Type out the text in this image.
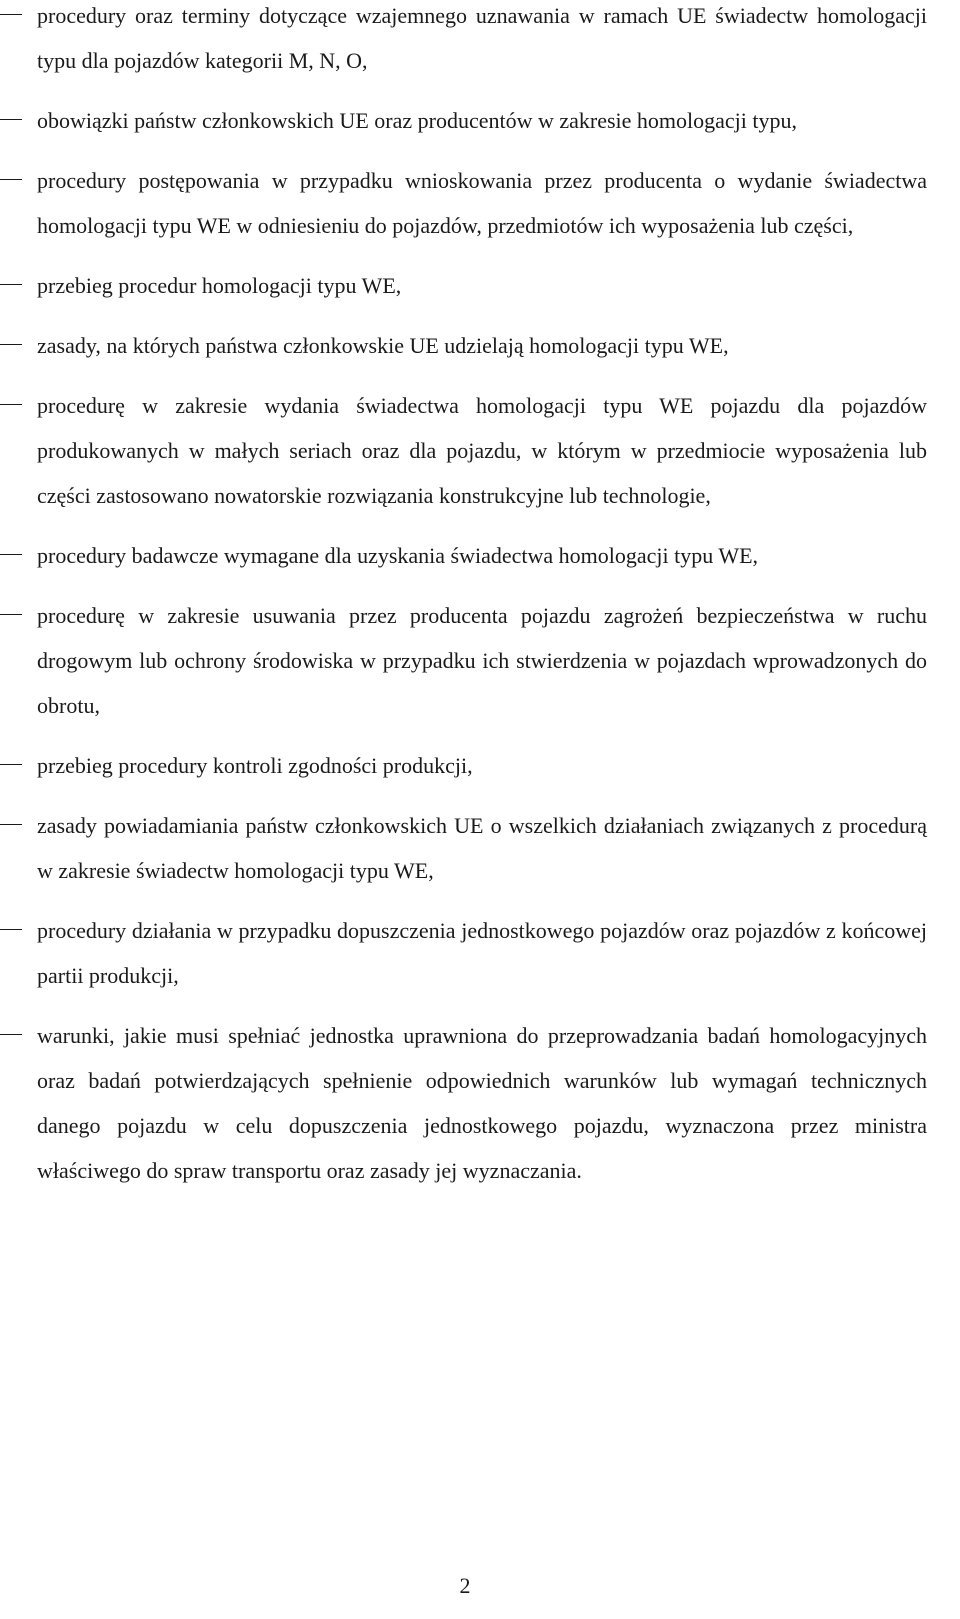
procedury oraz terminy dotyczące wzajemnego uznawania w ramach UE świadectw homologacji typu dla pojazdów kategorii M, N, O,
obowiązki państw członkowskich UE oraz producentów w zakresie homologacji typu,
procedury postępowania w przypadku wnioskowania przez producenta o wydanie świadectwa homologacji typu WE w odniesieniu do pojazdów, przedmiotów ich wyposażenia lub części,
przebieg procedur homologacji typu WE,
zasady, na których państwa członkowskie UE udzielają homologacji typu WE,
procedurę w zakresie wydania świadectwa homologacji typu WE pojazdu dla pojazdów produkowanych w małych seriach oraz dla pojazdu, w którym w przedmiocie wyposażenia lub części zastosowano nowatorskie rozwiązania konstrukcyjne lub technologie,
procedury badawcze wymagane dla uzyskania świadectwa homologacji typu WE,
procedurę w zakresie usuwania przez producenta pojazdu zagrożeń bezpieczeństwa w ruchu drogowym lub ochrony środowiska w przypadku ich stwierdzenia w pojazdach wprowadzonych do obrotu,
przebieg procedury kontroli zgodności produkcji,
zasady powiadamiania państw członkowskich UE o wszelkich działaniach związanych z procedurą w zakresie świadectw homologacji typu WE,
procedury działania w przypadku dopuszczenia jednostkowego pojazdów oraz pojazdów z końcowej partii produkcji,
warunki, jakie musi spełniać jednostka uprawniona do przeprowadzania badań homologacyjnych oraz badań potwierdzających spełnienie odpowiednich warunków lub wymagań technicznych danego pojazdu w celu dopuszczenia jednostkowego pojazdu, wyznaczona przez ministra właściwego do spraw transportu oraz zasady jej wyznaczania.
2
